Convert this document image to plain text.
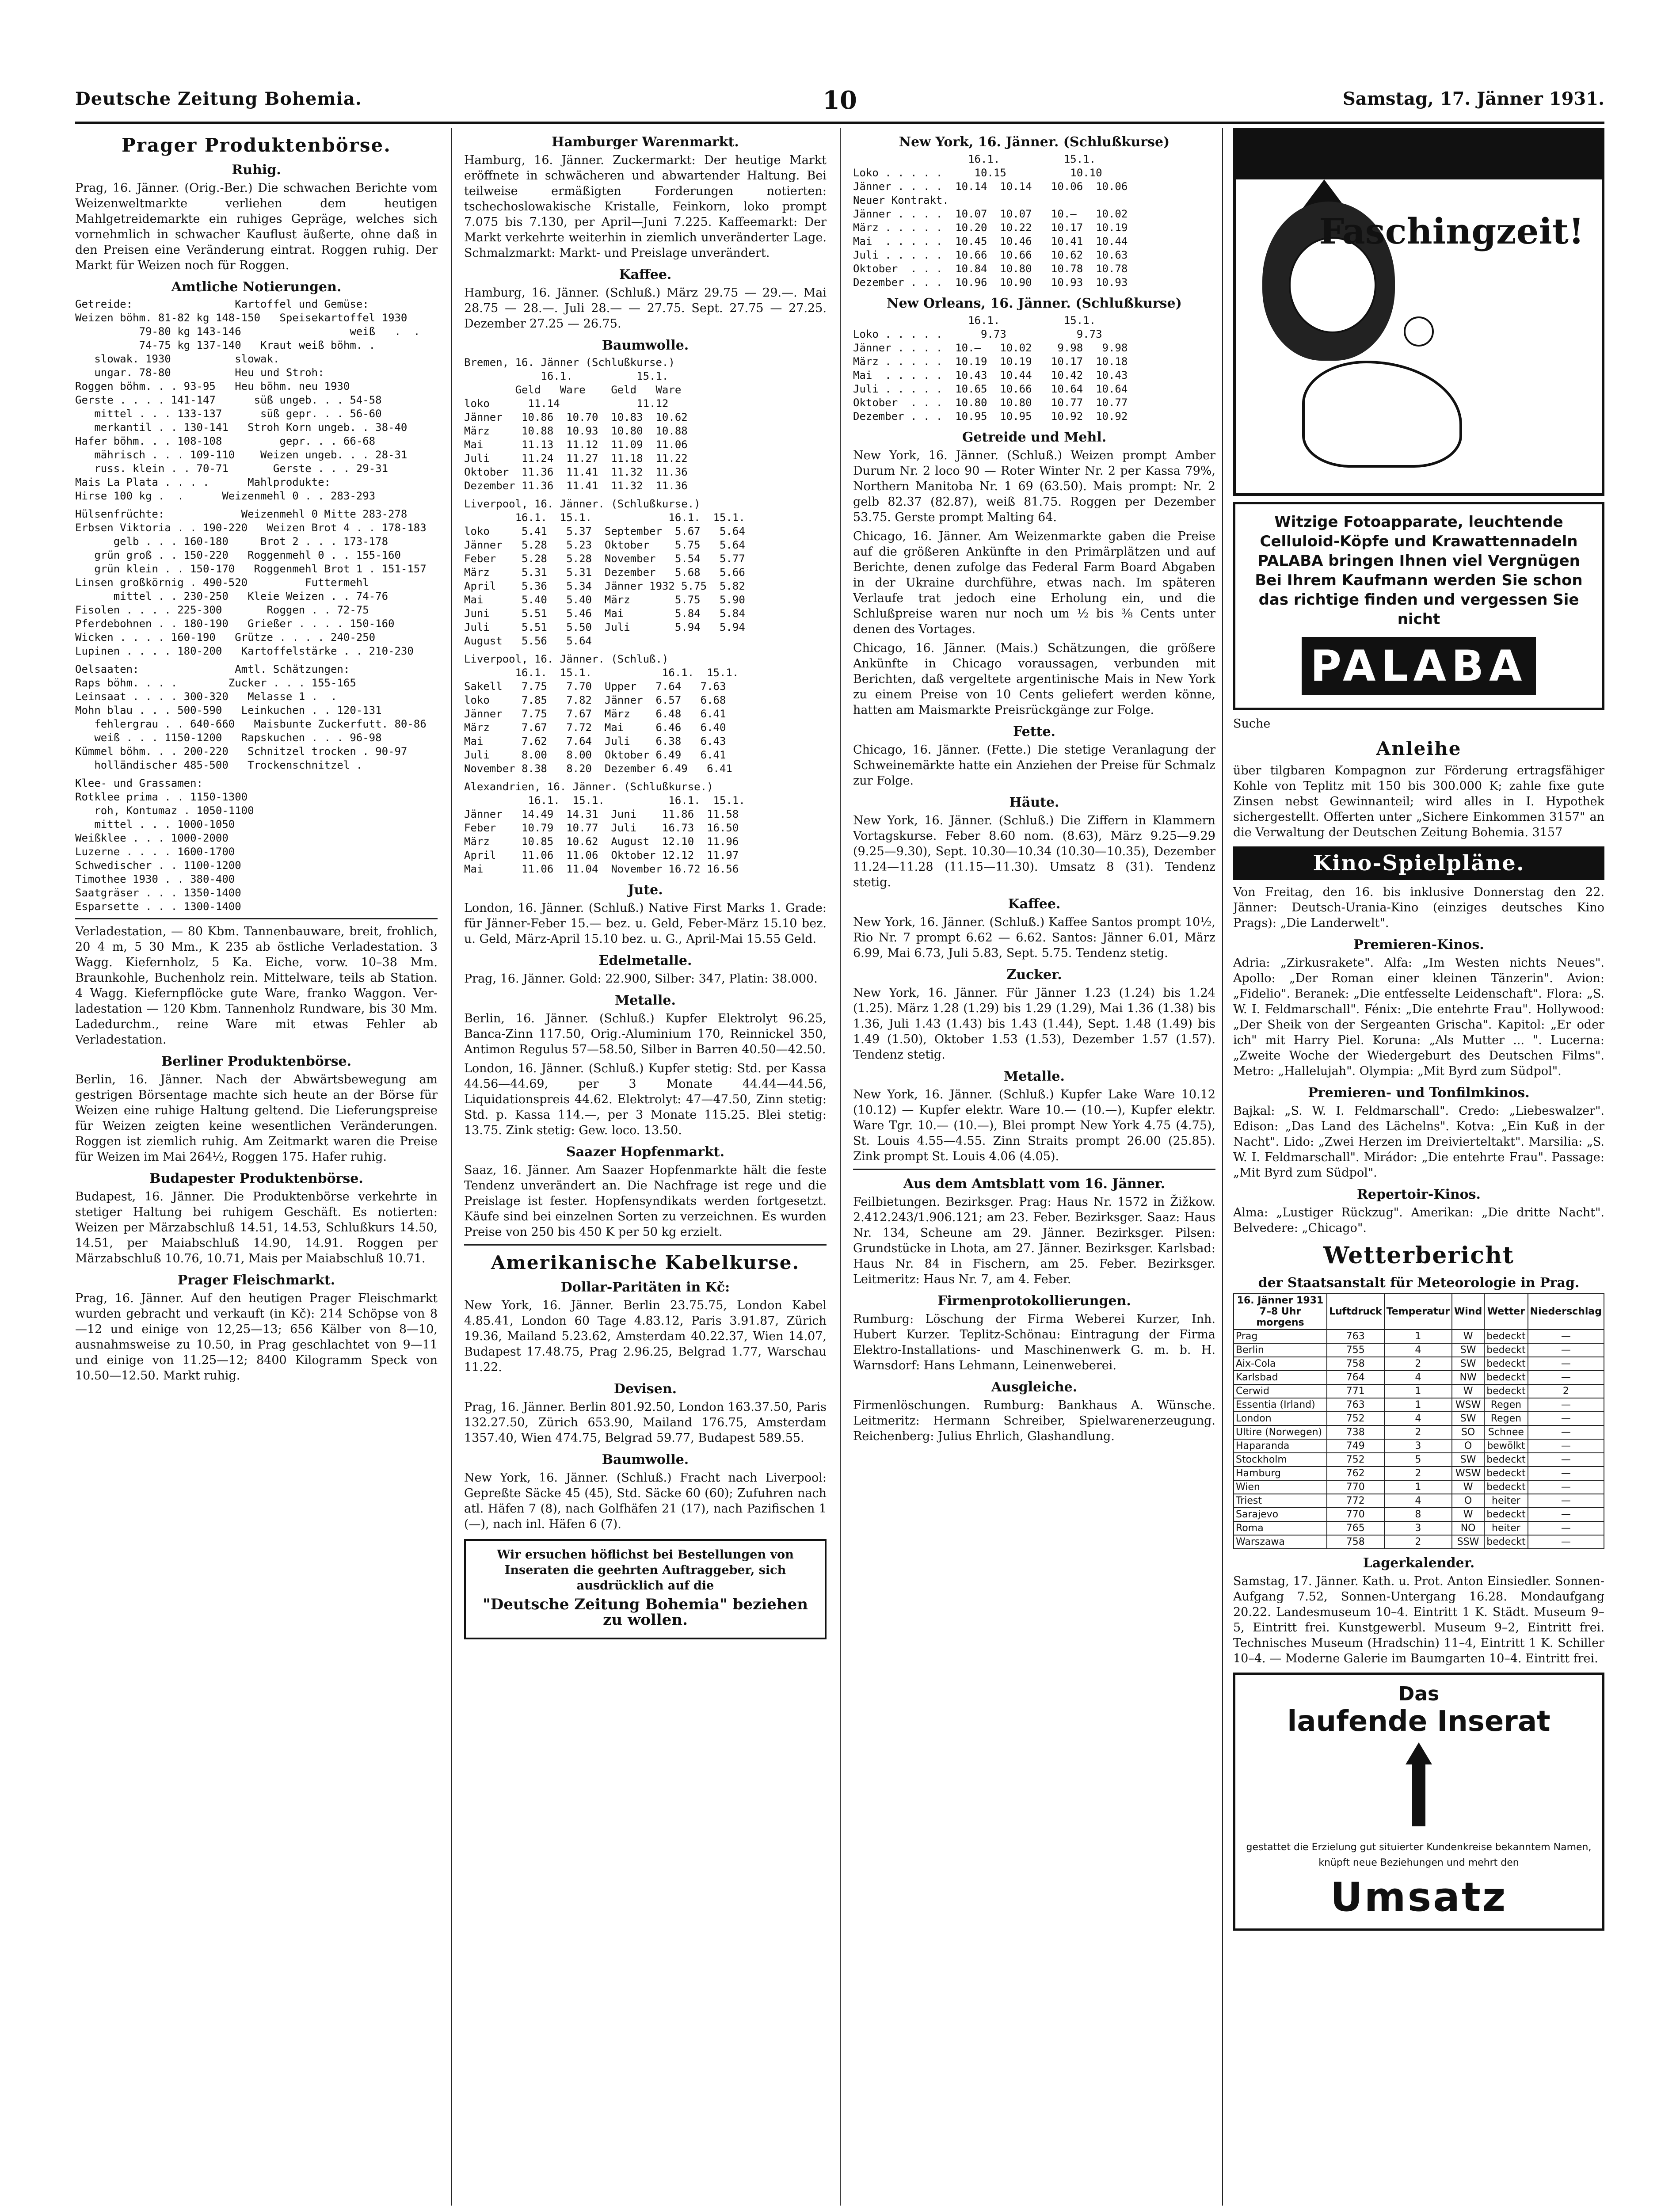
Deutsche Zeitung Bohemia.	10	Samstag, 17. Jänner 1931.
Prager Produktenbörse.
Ruhig.

Prag, 16. Jänner. (Orig.-Ber.) Die schwachen Berichte vom Weizenweltmarkte verliehen dem heutigen Mahlgetreidemarkte ein ruhiges Gepräge, welches sich vornehmlich in schwacher Kauflust äußerte, ohne daß in den Preisen eine Veränderung eintrat. Roggen ruhig. Der Markt für Weizen noch für Roggen.

Amtliche Notierungen.
Getreide:                Kartoffel und Gemüse:
Weizen böhm. 81-82 kg 148-150   Speisekartoffel 1930
79-80 kg 143-146                 weiß   .  .
74-75 kg 137-140   Kraut weiß böhm. .
slowak. 1930          slowak.
ungar. 78-80          Heu und Stroh:
Roggen böhm. . . 93-95   Heu böhm. neu 1930
Gerste . . . . 141-147      süß ungeb. . . 54-58
mittel . . . 133-137      süß gepr. . . 56-60
merkantil . . 130-141   Stroh Korn ungeb. . 38-40
Hafer böhm. . . 108-108         gepr. . . 66-68
mährisch . . . 109-110    Weizen ungeb. . . 28-31
russ. klein . . 70-71       Gerste . . . 29-31
Mais La Plata . . . .      Mahlprodukte:
Hirse 100 kg .  .      Weizenmehl 0 . . 283-293

Hülsenfrüchte:            Weizenmehl 0 Mitte 283-278
Erbsen Viktoria . . 190-220   Weizen Brot 4 . . 178-183
gelb . . . 160-180     Brot 2 . . . 173-178
grün groß . . 150-220   Roggenmehl 0 . . 155-160
grün klein . . 150-170   Roggenmehl Brot 1 . 151-157
Linsen großkörnig . 490-520         Futtermehl
mittel . . 230-250   Kleie Weizen . . 74-76
Fisolen . . . . 225-300       Roggen . . 72-75
Pferdebohnen . . 180-190   Grießer . . . . 150-160
Wicken . . . . 160-190   Grütze . . . . 240-250
Lupinen . . . . 180-200   Kartoffelstärke . . 210-230

Oelsaaten:               Amtl. Schätzungen:
Raps böhm. . . .        Zucker . . . 155-165
Leinsaat . . . . 300-320   Melasse 1 .  .
Mohn blau . . . 500-590   Leinkuchen . . 120-131
fehlergrau . . 640-660   Maisbunte Zuckerfutt. 80-86
weiß . . . 1150-1200   Rapskuchen . . . 96-98
Kümmel böhm. . . 200-220   Schnitzel trocken . 90-97
holländischer 485-500   Trockenschnitzel .

Klee- und Grassamen:
Rotklee prima . . 1150-1300
roh, Kontumaz . 1050-1100
mittel . . . 1000-1050
Weißklee . . . 1000-2000
Luzerne . . . . 1600-1700
Schwedischer . . 1100-1200
Timothee 1930 . . 380-400
Saatgräser . . . 1350-1400
Esparsette . . . 1300-1400

Verladestation, — 80 Kbm. Tannenbauware, breit, frohlich, 20 4 m, 5 30 Mm., K 235 ab östliche Verladestation. 3 Wagg. Kiefernholz, 5 Ka. Eiche, vorw. 10–38 Mm. Braunkohle, Buchenholz rein. Mittelware, teils ab Station. 4 Wagg. Kiefernpflöcke gute Ware, franko Waggon. Ver-ladestation — 120 Kbm. Tannenholz Rundware, bis 30 Mm. Ladedurchm., reine Ware mit etwas Fehler ab Verladestation.

Berliner Produktenbörse.

Berlin, 16. Jänner. Nach der Abwärtsbewegung am gestrigen Börsentage machte sich heute an der Börse für Weizen eine ruhige Haltung geltend. Die Lieferungspreise für Weizen zeigten keine wesentlichen Veränderungen. Roggen ist ziemlich ruhig. Am Zeitmarkt waren die Preise für Weizen im Mai 264½, Roggen 175. Hafer ruhig.

Budapester Produktenbörse.

Budapest, 16. Jänner. Die Produktenbörse verkehrte in stetiger Haltung bei ruhigem Geschäft. Es notierten: Weizen per Märzabschluß 14.51, 14.53, Schlußkurs 14.50, 14.51, per Maiabschluß 14.90, 14.91. Roggen per Märzabschluß 10.76, 10.71, Mais per Maiabschluß 10.71.

Prager Fleischmarkt.

Prag, 16. Jänner. Auf den heutigen Prager Fleischmarkt wurden gebracht und verkauft (in Kč): 214 Schöpse von 8—12 und einige von 12,25—13; 656 Kälber von 8—10, ausnahmsweise zu 10.50, in Prag geschlachtet von 9—11 und einige von 11.25—12; 8400 Kilogramm Speck von 10.50—12.50. Markt ruhig.

Hamburger Warenmarkt.

Hamburg, 16. Jänner. Zuckermarkt: Der heutige Markt eröffnete in schwächeren und abwartender Haltung. Bei teilweise ermäßigten Forderungen notierten: tschechoslowakische Kristalle, Feinkorn, loko prompt 7.075 bis 7.130, per April—Juni 7.225. Kaffeemarkt: Der Markt verkehrte weiterhin in ziemlich unveränderter Lage. Schmalzmarkt: Markt- und Preislage unverändert.

Kaffee.

Hamburg, 16. Jänner. (Schluß.) März 29.75 — 29.—. Mai 28.75 — 28.—. Juli 28.— — 27.75. Sept. 27.75 — 27.25. Dezember 27.25 — 26.75.

Baumwolle.
Bremen, 16. Jänner (Schlußkurse.)
16.1.          15.1.
Geld   Ware    Geld   Ware
loko      11.14            11.12
Jänner   10.86  10.70  10.83  10.62
März     10.88  10.93  10.80  10.88
Mai      11.13  11.12  11.09  11.06
Juli     11.24  11.27  11.18  11.22
Oktober  11.36  11.41  11.32  11.36
Dezember 11.36  11.41  11.32  11.36
Liverpool, 16. Jänner. (Schlußkurse.)
16.1.  15.1.            16.1.  15.1.
loko     5.41   5.37  September  5.67   5.64
Jänner   5.28   5.23  Oktober    5.75   5.64
Feber    5.28   5.28  November   5.54   5.77
März     5.31   5.31  Dezember   5.68   5.66
April    5.36   5.34  Jänner 1932 5.75  5.82
Mai      5.40   5.40  März       5.75   5.90
Juni     5.51   5.46  Mai        5.84   5.84
Juli     5.51   5.50  Juli       5.94   5.94
August   5.56   5.64
Liverpool, 16. Jänner. (Schluß.)
16.1.  15.1.           16.1.  15.1.
Sakell   7.75   7.70  Upper   7.64   7.63
loko     7.85   7.82  Jänner  6.57   6.68
Jänner   7.75   7.67  März    6.48   6.41
März     7.67   7.72  Mai     6.46   6.40
Mai      7.62   7.64  Juli    6.38   6.43
Juli     8.00   8.00  Oktober 6.49   6.41
November 8.38   8.20  Dezember 6.49   6.41
Alexandrien, 16. Jänner. (Schlußkurse.)
16.1.  15.1.          16.1.  15.1.
Jänner   14.49  14.31  Juni    11.86  11.58
Feber    10.79  10.77  Juli    16.73  16.50
März     10.85  10.62  August  12.10  11.96
April    11.06  11.06  Oktober 12.12  11.97
Mai      11.06  11.04  November 16.72 16.56
Jute.

London, 16. Jänner. (Schluß.) Native First Marks 1. Grade: für Jänner-Feber 15.— bez. u. Geld, Feber-März 15.10 bez. u. Geld, März-April 15.10 bez. u. G., April-Mai 15.55 Geld.

Edelmetalle.

Prag, 16. Jänner. Gold: 22.900, Silber: 347, Platin: 38.000.

Metalle.

Berlin, 16. Jänner. (Schluß.) Kupfer Elektrolyt 96.25, Banca-Zinn 117.50, Orig.-Aluminium 170, Reinnickel 350, Antimon Regulus 57—58.50, Silber in Barren 40.50—42.50.

London, 16. Jänner. (Schluß.) Kupfer stetig: Std. per Kassa 44.56—44.69, per 3 Monate 44.44—44.56, Liquidationspreis 44.62. Elektrolyt: 47—47.50, Zinn stetig: Std. p. Kassa 114.—, per 3 Monate 115.25. Blei stetig: 13.75. Zink stetig: Gew. loco. 13.50.

Saazer Hopfenmarkt.

Saaz, 16. Jänner. Am Saazer Hopfenmarkte hält die feste Tendenz unverändert an. Die Nachfrage ist rege und die Preislage ist fester. Hopfensyndikats werden fortgesetzt. Käufe sind bei einzelnen Sorten zu verzeichnen. Es wurden Preise von 250 bis 450 K per 50 kg erzielt.

Amerikanische Kabelkurse.
Dollar-Paritäten in Kč:

New York, 16. Jänner. Berlin 23.75.75, London Kabel 4.85.41, London 60 Tage 4.83.12, Paris 3.91.87, Zürich 19.36, Mailand 5.23.62, Amsterdam 40.22.37, Wien 14.07, Budapest 17.48.75, Prag 2.96.25, Belgrad 1.77, Warschau 11.22.

Devisen.

Prag, 16. Jänner. Berlin 801.92.50, London 163.37.50, Paris 132.27.50, Zürich 653.90, Mailand 176.75, Amsterdam 1357.40, Wien 474.75, Belgrad 59.77, Budapest 589.55.

Baumwolle.

New York, 16. Jänner. (Schluß.) Fracht nach Liverpool: Gepreßte Säcke 45 (45), Std. Säcke 60 (60); Zufuhren nach atl. Häfen 7 (8), nach Golfhäfen 21 (17), nach Pazifischen 1 (—), nach inl. Häfen 6 (7).

Wir ersuchen höflichst bei Bestellungen von Inseraten die geehrten Auftraggeber, sich ausdrücklich auf die

"Deutsche Zeitung Bohemia" beziehen zu wollen.

New York, 16. Jänner. (Schlußkurse)
16.1.          15.1.
Loko . . . . .     10.15          10.10
Jänner . . . .  10.14  10.14   10.06  10.06
Neuer Kontrakt.
Jänner . . . .  10.07  10.07   10.—   10.02
März . . . . .  10.20  10.22   10.17  10.19
Mai  . . . . .  10.45  10.46   10.41  10.44
Juli . . . . .  10.66  10.66   10.62  10.63
Oktober  . . .  10.84  10.80   10.78  10.78
Dezember . . .  10.96  10.90   10.93  10.93
New Orleans, 16. Jänner. (Schlußkurse)
16.1.          15.1.
Loko . . . . .      9.73           9.73
Jänner . . . .  10.—   10.02    9.98   9.98
März . . . . .  10.19  10.19   10.17  10.18
Mai  . . . . .  10.43  10.44   10.42  10.43
Juli . . . . .  10.65  10.66   10.64  10.64
Oktober  . . .  10.80  10.80   10.77  10.77
Dezember . . .  10.95  10.95   10.92  10.92
Getreide und Mehl.

New York, 16. Jänner. (Schluß.) Weizen prompt Amber Durum Nr. 2 loco 90 — Roter Winter Nr. 2 per Kassa 79%, Northern Manitoba Nr. 1 69 (63.50). Mais prompt: Nr. 2 gelb 82.37 (82.87), weiß 81.75. Roggen per Dezember 53.75. Gerste prompt Malting 64.

Chicago, 16. Jänner. Am Weizenmarkte gaben die Preise auf die größeren Ankünfte in den Primärplätzen und auf Berichte, denen zufolge das Federal Farm Board Abgaben in der Ukraine durchführe, etwas nach. Im späteren Verlaufe trat jedoch eine Erholung ein, und die Schlußpreise waren nur noch um ½ bis ⅜ Cents unter denen des Vortages.

Chicago, 16. Jänner. (Mais.) Schätzungen, die größere Ankünfte in Chicago voraussagen, verbunden mit Berichten, daß vergeltete argentinische Mais in New York zu einem Preise von 10 Cents geliefert werden könne, hatten am Maismarkte Preisrückgänge zur Folge.

Fette.

Chicago, 16. Jänner. (Fette.) Die stetige Veranlagung der Schweinemärkte hatte ein Anziehen der Preise für Schmalz zur Folge.

Häute.

New York, 16. Jänner. (Schluß.) Die Ziffern in Klammern Vortagskurse. Feber 8.60 nom. (8.63), März 9.25—9.29 (9.25—9.30), Sept. 10.30—10.34 (10.30—10.35), Dezember 11.24—11.28 (11.15—11.30). Umsatz 8 (31). Tendenz stetig.

Kaffee.

New York, 16. Jänner. (Schluß.) Kaffee Santos prompt 10½, Rio Nr. 7 prompt 6.62 — 6.62. Santos: Jänner 6.01, März 6.99, Mai 6.73, Juli 5.83, Sept. 5.75. Tendenz stetig.

Zucker.

New York, 16. Jänner. Für Jänner 1.23 (1.24) bis 1.24 (1.25). März 1.28 (1.29) bis 1.29 (1.29), Mai 1.36 (1.38) bis 1.36, Juli 1.43 (1.43) bis 1.43 (1.44), Sept. 1.48 (1.49) bis 1.49 (1.50), Oktober 1.53 (1.53), Dezember 1.57 (1.57). Tendenz stetig.

Metalle.

New York, 16. Jänner. (Schluß.) Kupfer Lake Ware 10.12 (10.12) — Kupfer elektr. Ware 10.— (10.—), Kupfer elektr. Ware Tgr. 10.— (10.—), Blei prompt New York 4.75 (4.75), St. Louis 4.55—4.55. Zinn Straits prompt 26.00 (25.85). Zink prompt St. Louis 4.06 (4.05).

Aus dem Amtsblatt vom 16. Jänner.

Feilbietungen. Bezirksger. Prag: Haus Nr. 1572 in Žižkow. 2.412.243/1.906.121; am 23. Feber. Bezirksger. Saaz: Haus Nr. 134, Scheune am 29. Jänner. Bezirksger. Pilsen: Grundstücke in Lhota, am 27. Jänner. Bezirksger. Karlsbad: Haus Nr. 84 in Fischern, am 25. Feber. Bezirksger. Leitmeritz: Haus Nr. 7, am 4. Feber.

Firmenprotokollierungen.

Rumburg: Löschung der Firma Weberei Kurzer, Inh. Hubert Kurzer. Teplitz-Schönau: Eintragung der Firma Elektro-Installations- und Maschinenwerk G. m. b. H. Warnsdorf: Hans Lehmann, Leinenweberei.

Ausgleiche.

Firmenlöschungen. Rumburg: Bankhaus A. Wünsche. Leitmeritz: Hermann Schreiber, Spielwarenerzeugung. Reichenberg: Julius Ehrlich, Glashandlung.

Faschingzeit!

Witzige Fotoapparate, leuchtende Celluloid-Köpfe und Krawattennadeln PALABA bringen Ihnen viel Vergnügen Bei Ihrem Kaufmann werden Sie schon das richtige finden und vergessen Sie nicht

PALABA

Suche

Anleihe

über tilgbaren Kompagnon zur Förderung ertragsfähiger Kohle von Teplitz mit 150 bis 300.000 K; zahle fixe gute Zinsen nebst Gewinnanteil; wird alles in I. Hypothek sichergestellt. Offerten unter „Sichere Einkommen 3157" an die Verwaltung der Deutschen Zeitung Bohemia. 3157

Kino-Spielpläne.

Von Freitag, den 16. bis inklusive Donnerstag den 22. Jänner: Deutsch-Urania-Kino (einziges deutsches Kino Prags): „Die Landerwelt".

Premieren-Kinos.

Adria: „Zirkusrakete". Alfa: „Im Westen nichts Neues". Apollo: „Der Roman einer kleinen Tänzerin". Avion: „Fidelio". Beranek: „Die entfesselte Leidenschaft". Flora: „S. W. I. Feldmarschall". Fénix: „Die entehrte Frau". Hollywood: „Der Sheik von der Sergeanten Grischa". Kapitol: „Er oder ich" mit Harry Piel. Koruna: „Als Mutter ... ". Lucerna: „Zweite Woche der Wiedergeburt des Deutschen Films". Metro: „Hallelujah". Olympia: „Mit Byrd zum Südpol".

Premieren- und Tonfilmkinos.

Bajkal: „S. W. I. Feldmarschall". Credo: „Liebeswalzer". Edison: „Das Land des Lächelns". Kotva: „Ein Kuß in der Nacht". Lido: „Zwei Herzen im Dreivierteltakt". Marsilia: „S. W. I. Feldmarschall". Mirádor: „Die entehrte Frau". Passage: „Mit Byrd zum Südpol".

Repertoir-Kinos.

Alma: „Lustiger Rückzug". Amerikan: „Die dritte Nacht". Belvedere: „Chicago".

Wetterbericht
der Staatsanstalt für Meteorologie in Prag.
16. Jänner 1931 7–8 Uhr morgens	Luftdruck	Temperatur	Wind	Wetter	Niederschlag
Prag	763	1	W	bedeckt	—
Berlin	755	4	SW	bedeckt	—
Aix-Cola	758	2	SW	bedeckt	—
Karlsbad	764	4	NW	bedeckt	—
Cerwid	771	1	W	bedeckt	2
Essentia (Irland)	763	1	WSW	Regen	—
London	752	4	SW	Regen	—
Ultire (Norwegen)	738	2	SO	Schnee	—
Haparanda	749	3	O	bewölkt	—
Stockholm	752	5	SW	bedeckt	—
Hamburg	762	2	WSW	bedeckt	—
Wien	770	1	W	bedeckt	—
Triest	772	4	O	heiter	—
Sarajevo	770	8	W	bedeckt	—
Roma	765	3	NO	heiter	—
Warszawa	758	2	SSW	bedeckt	—
Lagerkalender.

Samstag, 17. Jänner. Kath. u. Prot. Anton Einsiedler. Sonnen-Aufgang 7.52, Sonnen-Untergang 16.28. Mondaufgang 20.22. Landesmuseum 10–4. Eintritt 1 K. Städt. Museum 9–5, Eintritt frei. Kunstgewerbl. Museum 9–2, Eintritt frei. Technisches Museum (Hradschin) 11–4, Eintritt 1 K. Schiller 10–4. — Moderne Galerie im Baumgarten 10–4. Eintritt frei.

Das
laufende Inserat

gestattet die Erzielung gut situierter Kundenkreise bekanntem Namen, knüpft neue Beziehungen und mehrt den

Umsatz
